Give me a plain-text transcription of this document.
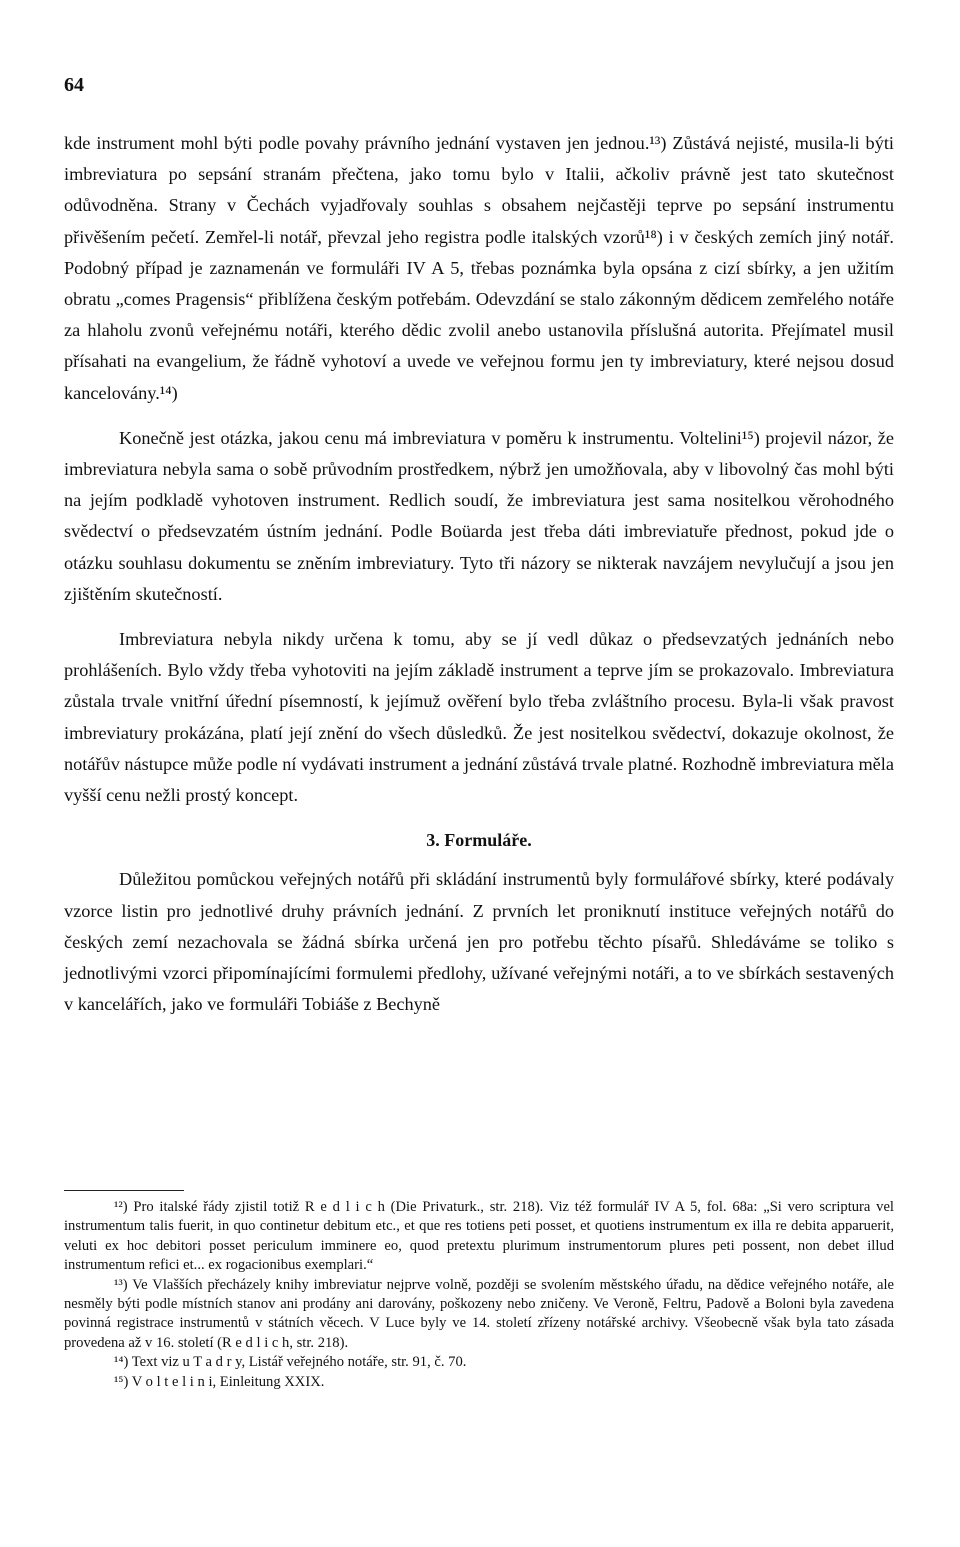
64

kde instrument mohl býti podle povahy právního jednání vystaven jen jednou.¹³) Zůstává nejisté, musila-li býti imbreviatura po sepsání stranám přečtena, jako tomu bylo v Italii, ačkoliv právně jest tato skutečnost odůvodněna. Strany v Čechách vyjadřovaly souhlas s obsahem nejčastěji teprve po sepsání instrumentu přivěšením pečetí. Zemřel-li notář, převzal jeho registra podle italských vzorů¹⁸) i v českých zemích jiný notář. Podobný případ je zaznamenán ve formuláři IV A 5, třebas poznámka byla opsána z cizí sbírky, a jen užitím obratu „comes Pragensis“ přiblížena českým potřebám. Odevzdání se stalo zákonným dědicem zemřelého notáře za hlaholu zvonů veřejnému notáři, kterého dědic zvolil anebo ustanovila příslušná autorita. Přejímatel musil přísahati na evangelium, že řádně vyhotoví a uvede ve veřejnou formu jen ty imbreviatury, které nejsou dosud kancelovány.¹⁴)

Konečně jest otázka, jakou cenu má imbreviatura v poměru k instrumentu. Voltelini¹⁵) projevil názor, že imbreviatura nebyla sama o sobě průvodním prostředkem, nýbrž jen umožňovala, aby v libovolný čas mohl býti na jejím podkladě vyhotoven instrument. Redlich soudí, že imbreviatura jest sama nositelkou věrohodného svědectví o předsevzatém ústním jednání. Podle Boüarda jest třeba dáti imbreviatuře přednost, pokud jde o otázku souhlasu dokumentu se zněním imbreviatury. Tyto tři názory se nikterak navzájem nevylučují a jsou jen zjištěním skutečností.

Imbreviatura nebyla nikdy určena k tomu, aby se jí vedl důkaz o předsevzatých jednáních nebo prohlášeních. Bylo vždy třeba vyhotoviti na jejím základě instrument a teprve jím se prokazovalo. Imbreviatura zůstala trvale vnitřní úřední písemností, k jejímuž ověření bylo třeba zvláštního procesu. Byla-li však pravost imbreviatury prokázána, platí její znění do všech důsledků. Že jest nositelkou svědectví, dokazuje okolnost, že notářův nástupce může podle ní vydávati instrument a jednání zůstává trvale platné. Rozhodně imbreviatura měla vyšší cenu nežli prostý koncept.

3. Formuláře.

Důležitou pomůckou veřejných notářů při skládání instrumentů byly formulářové sbírky, které podávaly vzorce listin pro jednotlivé druhy právních jednání. Z prvních let proniknutí instituce veřejných notářů do českých zemí nezachovala se žádná sbírka určená jen pro potřebu těchto písařů. Shledáváme se toliko s jednotlivými vzorci připomínajícími formulemi předlohy, užívané veřejnými notáři, a to ve sbírkách sestavených v kancelářích, jako ve formuláři Tobiáše z Bechyně

¹²) Pro italské řády zjistil totiž R e d l i c h (Die Privaturk., str. 218). Viz též formulář IV A 5, fol. 68a: „Si vero scriptura vel instrumentum talis fuerit, in quo continetur debitum etc., et que res totiens peti posset, et quotiens instrumentum ex illa re debita apparuerit, veluti ex hoc debitori posset periculum imminere eo, quod pretextu plurimum instrumentorum plures peti possent, non debet illud instrumentum refici et... ex rogacionibus exemplari.“

¹³) Ve Vlašších přecházely knihy imbreviatur nejprve volně, později se svolením městského úřadu, na dědice veřejného notáře, ale nesměly býti podle místních stanov ani prodány ani darovány, poškozeny nebo zničeny. Ve Veroně, Feltru, Padově a Boloni byla zavedena povinná registrace instrumentů v státních věcech. V Luce byly ve 14. století zřízeny notářské archivy. Všeobecně však byla tato zásada provedena až v 16. století (R e d l i c h, str. 218).

¹⁴) Text viz u T a d r y, Listář veřejného notáře, str. 91, č. 70.

¹⁵) V o l t e l i n i, Einleitung XXIX.
